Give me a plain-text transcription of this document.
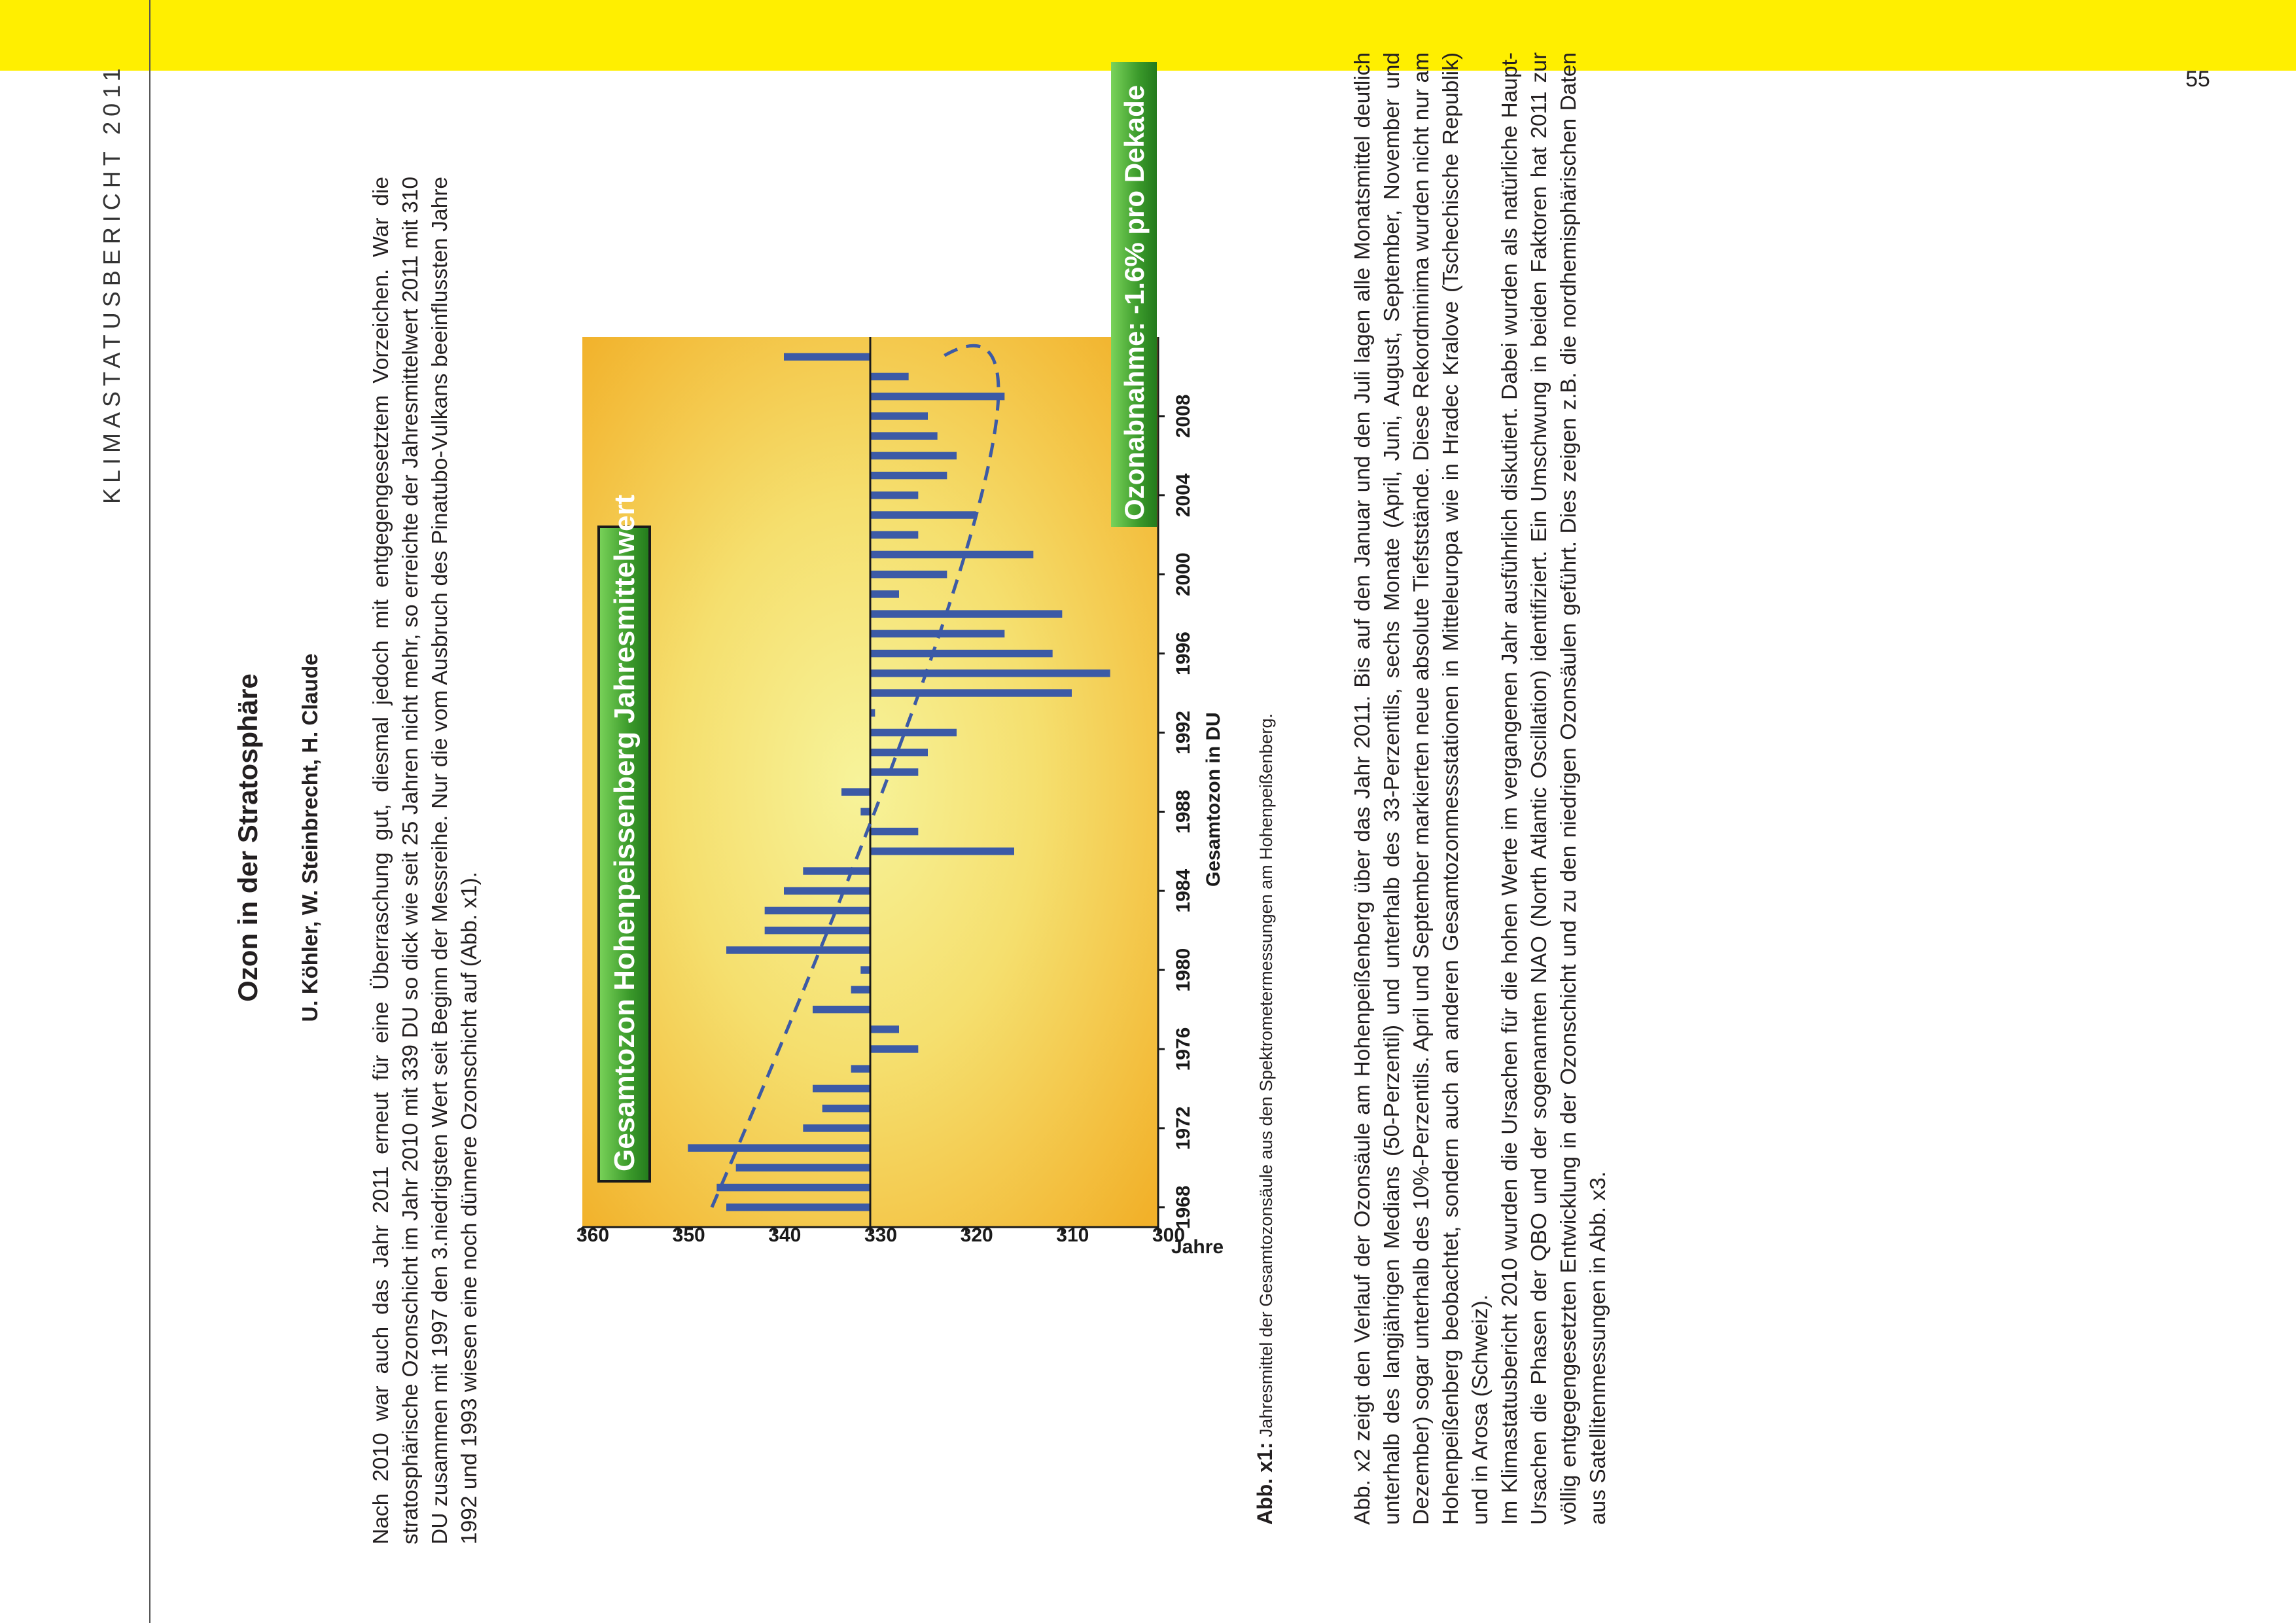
55
KLIMASTATUSBERICHT 2011
Ozon in der Stratosphäre U. Köhler, W. Steinbrecht, H. Claude Nach 2010 war auch das Jahr 2011 erneut für eine Überraschung gut, diesmal jedoch mit entgegengesetztem Vorzeichen. War die stratosphärische Ozonschicht im Jahr 2010 mit 339 DU so dick wie seit 25 Jahren nicht mehr, so erreichte der Jahresmittelwert 2011 mit 310 DU zusammen mit 1997 den 3.niedrigsten Wert seit Beginn der Messreihe. Nur die vom Ausbruch des Pinatubo-Vulkans beeinflussten Jahre 1992 und 1993 wiesen eine noch dünnere Ozonschicht auf (Abb. x1).
Gesamtozon Hohenpeissenberg Jahresmittelwert
Ozonabnahme: -1.6% pro Dekade
300
310
320
330
340
350
360
1968
1972
1976
1980
1984
1988
1992
1996
2000
2004
2008
Gesamtozon in DU
Jahre
Abb. x1: Jahresmittel der Gesamtozonsäule aus den Spektrometermessungen am Hohenpeißenberg.	Abb. x2 zeigt den Verlauf der Ozonsäule am Hohenpeißenberg über das Jahr 2011. Bis auf den Januar und den Juli lagen alle Monatsmittel deutlich unterhalb des langjährigen Medians (50-Perzentil) und unterhalb des 33-Perzentils, sechs Monate (April, Juni, August, September, November und Dezember) sogar unterhalb des 10%-Perzentils. April und September markierten neue absolute Tiefstständе. Diese Rekordminima wurden nicht nur am Hohenpeißenberg beobachtet, sondern auch an anderen Gesamtozonmessstationen in Mitteleuropa wie in Hradec Kralove (Tschechische Republik) und in Arosa (Schweiz). Im Klimastatusbericht 2010 wurden die Ursachen für die hohen Werte im vergangenen Jahr ausführlich diskutiert. Dabei wurden als natürliche Haupt-Ursachen die Phasen der QBO und der sogenannten NAO (North Atlantic Oscillation) identifiziert. Ein Umschwung in beiden Faktoren hat 2011 zur völlig entgegengesetzten Entwicklung in der Ozonschicht und zu den niedrigen Ozonsäulen geführt. Dies zeigen z.B. die nordhemisphärischen Daten aus Satellitenmessungen in Abb. x3.
